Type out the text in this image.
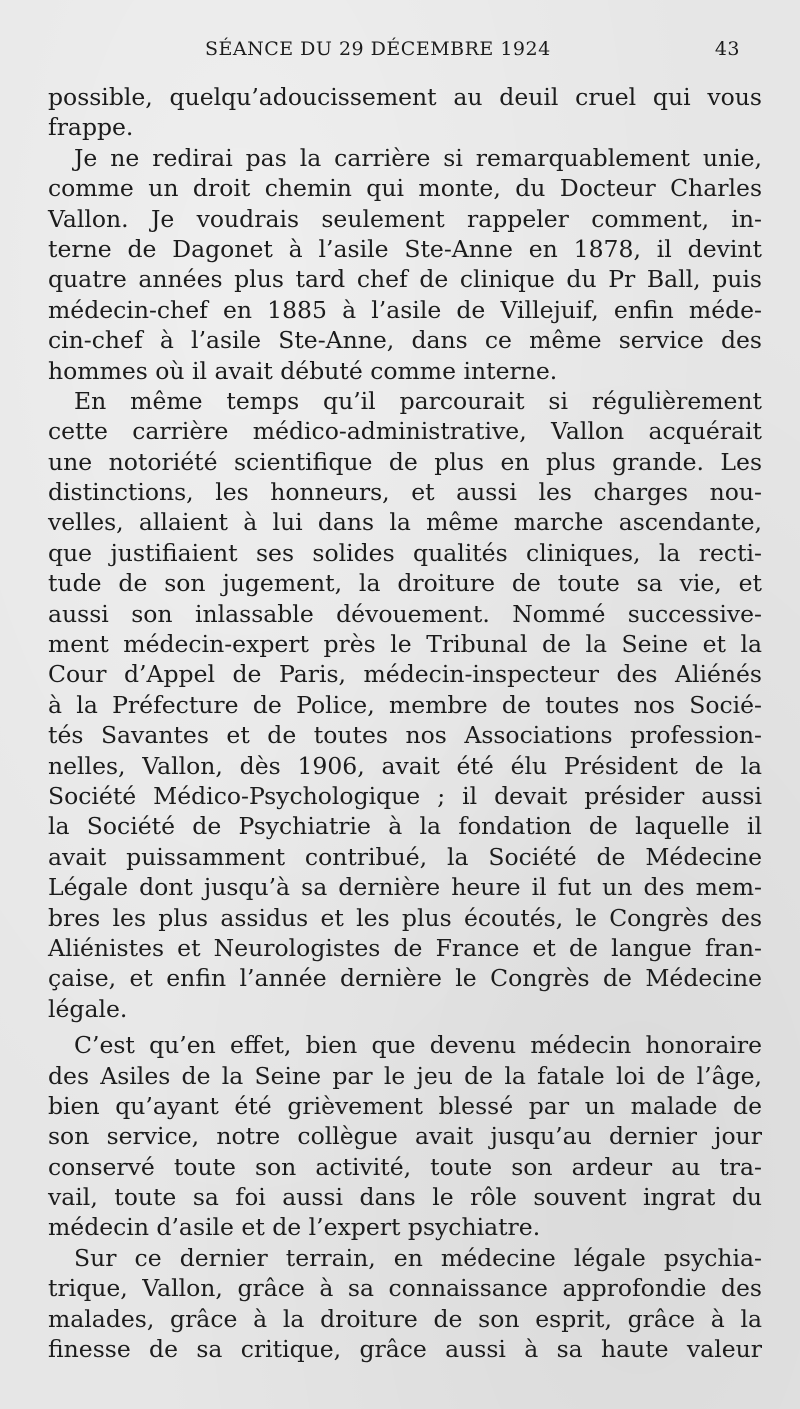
SÉANCE DU 29 DÉCEMBRE 1924	43
possible, quelqu’adoucissement au deuil cruel qui vous
frappe.
Je ne redirai pas la carrière si remarquablement unie,
comme un droit chemin qui monte, du Docteur Charles
Vallon. Je voudrais seulement rappeler comment, in-
terne de Dagonet à l’asile Ste-Anne en 1878, il devint
quatre années plus tard chef de clinique du Pr Ball, puis
médecin-chef en 1885 à l’asile de Villejuif, enfin méde-
cin-chef à l’asile Ste-Anne, dans ce même service des
hommes où il avait débuté comme interne.
En même temps qu’il parcourait si régulièrement
cette carrière médico-administrative, Vallon acquérait
une notoriété scientifique de plus en plus grande. Les
distinctions, les honneurs, et aussi les charges nou-
velles, allaient à lui dans la même marche ascendante,
que justifiaient ses solides qualités cliniques, la recti-
tude de son jugement, la droiture de toute sa vie, et
aussi son inlassable dévouement. Nommé successive-
ment médecin-expert près le Tribunal de la Seine et la
Cour d’Appel de Paris, médecin-inspecteur des Aliénés
à la Préfecture de Police, membre de toutes nos Socié-
tés Savantes et de toutes nos Associations profession-
nelles, Vallon, dès 1906, avait été élu Président de la
Société Médico-Psychologique ; il devait présider aussi
la Société de Psychiatrie à la fondation de laquelle il
avait puissamment contribué, la Société de Médecine
Légale dont jusqu’à sa dernière heure il fut un des mem-
bres les plus assidus et les plus écoutés, le Congrès des
Aliénistes et Neurologistes de France et de langue fran-
çaise, et enfin l’année dernière le Congrès de Médecine
légale.
C’est qu’en effet, bien que devenu médecin honoraire
des Asiles de la Seine par le jeu de la fatale loi de l’âge,
bien qu’ayant été grièvement blessé par un malade de
son service, notre collègue avait jusqu’au dernier jour
conservé toute son activité, toute son ardeur au tra-
vail, toute sa foi aussi dans le rôle souvent ingrat du
médecin d’asile et de l’expert psychiatre.
Sur ce dernier terrain, en médecine légale psychia-
trique, Vallon, grâce à sa connaissance approfondie des
malades, grâce à la droiture de son esprit, grâce à la
finesse de sa critique, grâce aussi à sa haute valeur
